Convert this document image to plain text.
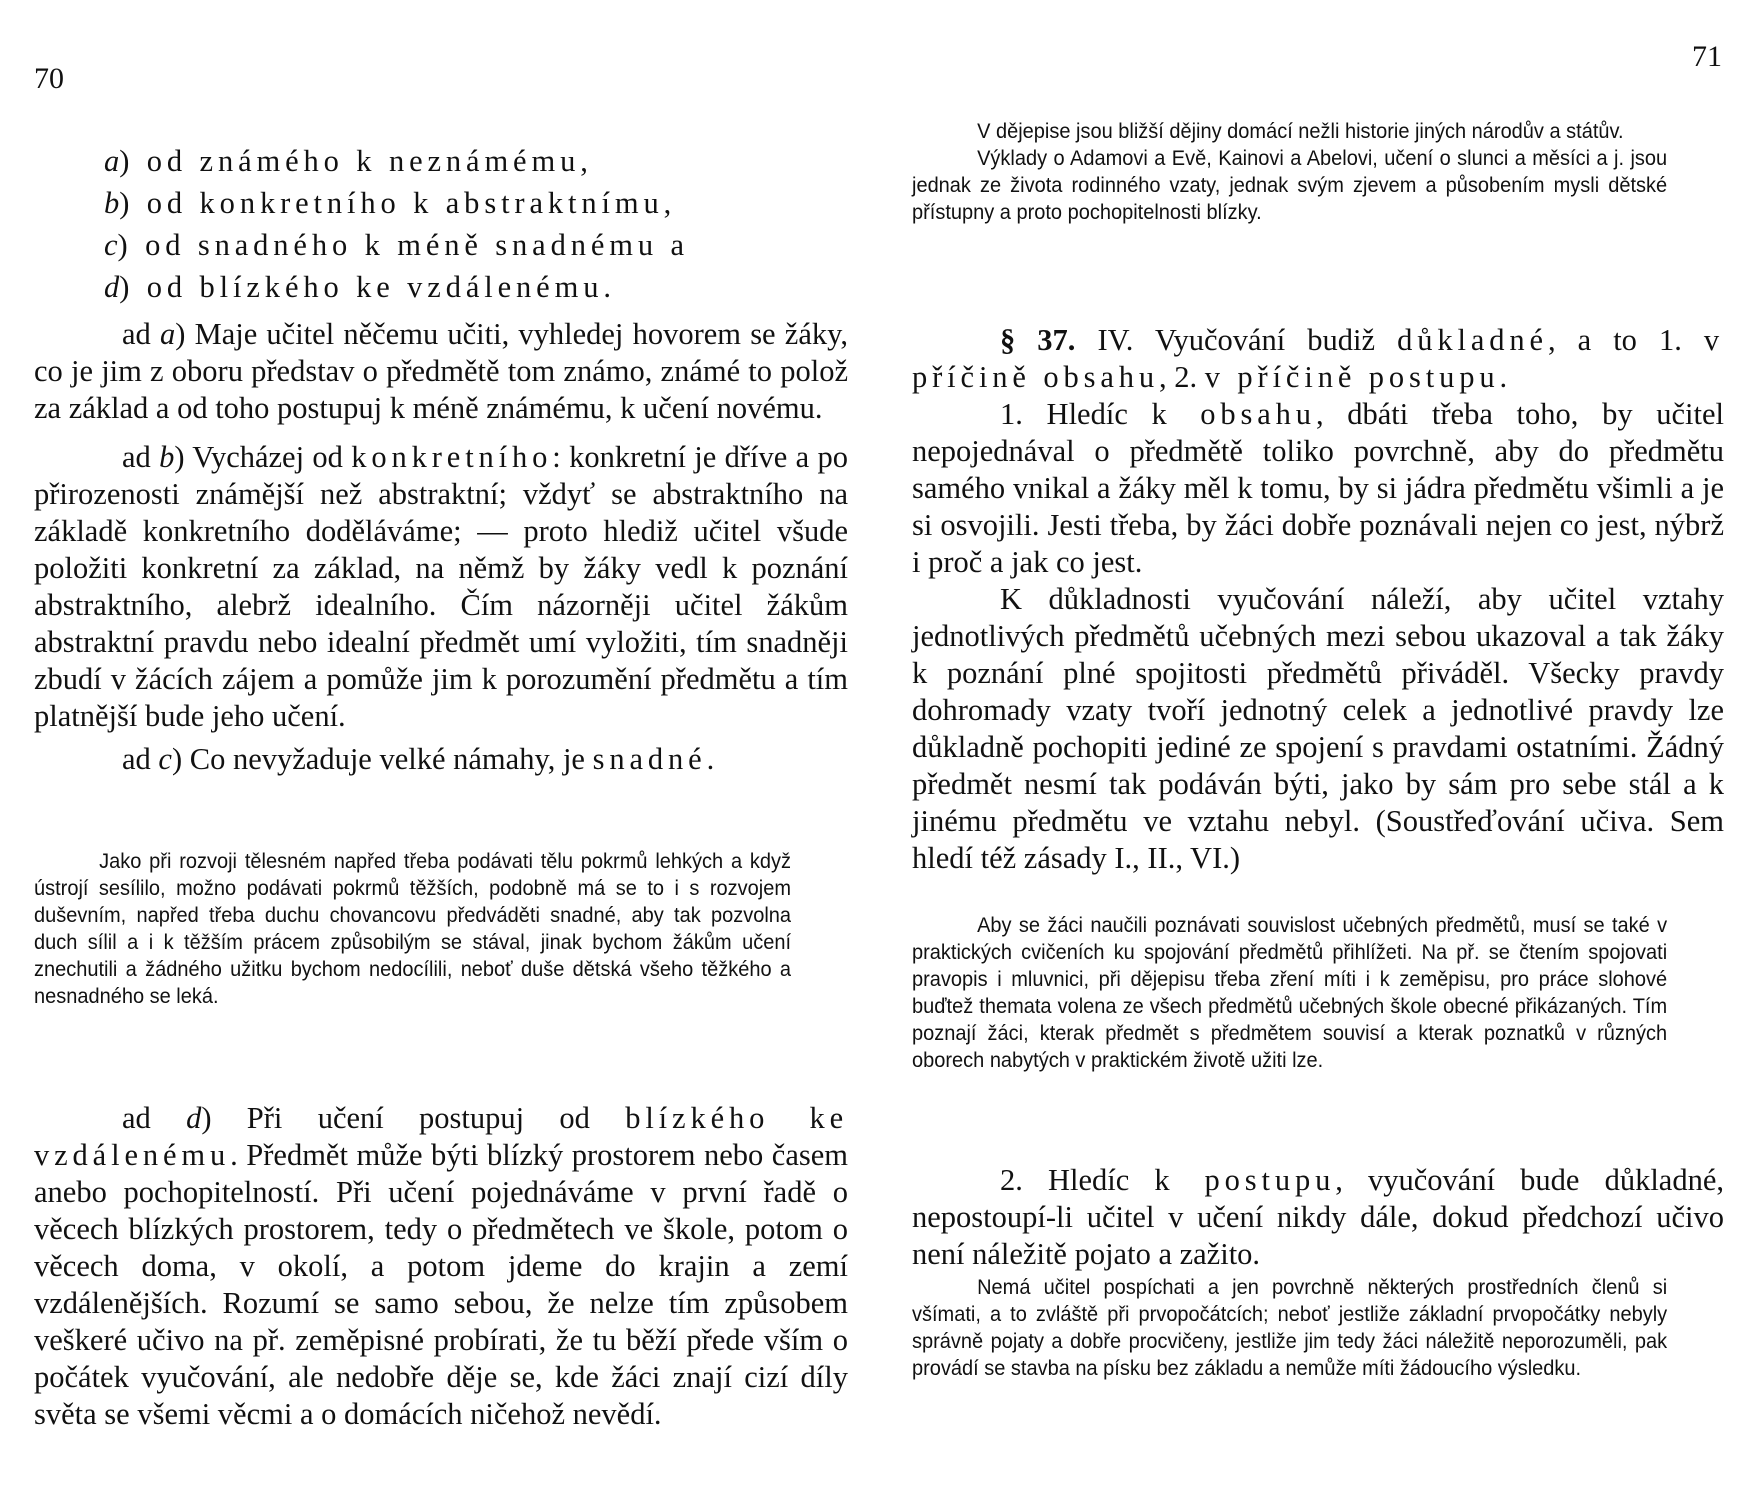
70
a) od známého k neznámému,
b) od konkretního k abstraktnímu,
c) od snadného k méně snadnému a
d) od blízkého ke vzdálenému.

ad a) Maje učitel něčemu učiti, vyhledej hovorem se žáky, co je jim z oboru představ o předmětě tom známo, známé to polož za základ a od toho postupuj k méně známému, k učení novému.

ad b) Vycházej od konkretního: konkretní je dříve a po přirozenosti známější než abstraktní; vždyť se abstraktního na základě konkretního doděláváme; — proto hlediž učitel všude položiti konkretní za základ, na němž by žáky vedl k poznání abstraktního, alebrž idealního. Čím názorněji učitel žákům abstraktní pravdu nebo idealní předmět umí vyložiti, tím snadněji zbudí v žácích zájem a pomůže jim k porozumění předmětu a tím platnější bude jeho učení.

ad c) Co nevyžaduje velké námahy, je snadné.

Jako při rozvoji tělesném napřed třeba podávati tělu pokrmů lehkých a když ústrojí sesílilo, možno podávati pokrmů těžších, podobně má se to i s rozvojem duševním, napřed třeba duchu chovancovu předváděti snadné, aby tak pozvolna duch sílil a i k těžším prácem způsobilým se stával, jinak bychom žákům učení znechutili a žádného užitku bychom nedocílili, neboť duše dětská všeho těžkého a nesnadného se leká.

ad d) Při učení postupuj od blízkého ke vzdálenému. Předmět může býti blízký prostorem nebo časem anebo pochopitelností. Při učení pojednáváme v první řadě o věcech blízkých prostorem, tedy o předmětech ve škole, potom o věcech doma, v okolí, a potom jdeme do krajin a zemí vzdálenějších. Rozumí se samo sebou, že nelze tím způsobem veškeré učivo na př. zeměpisné probírati, že tu běží přede vším o počátek vyučování, ale nedobře děje se, kde žáci znají cizí díly světa se všemi věcmi a o domácích ničehož nevědí.

71

V dějepise jsou bližší dějiny domácí nežli historie jiných národův a státův.

Výklady o Adamovi a Evě, Kainovi a Abelovi, učení o slunci a měsíci a j. jsou jednak ze života rodinného vzaty, jednak svým zjevem a působením mysli dětské přístupny a proto pochopitelnosti blízky.

§ 37. IV. Vyučování budiž důkladné, a to 1. v příčině obsahu, 2. v příčině postupu.

1. Hledíc k obsahu, dbáti třeba toho, by učitel nepojednával o předmětě toliko povrchně, aby do předmětu samého vnikal a žáky měl k tomu, by si jádra předmětu všimli a je si osvojili. Jesti třeba, by žáci dobře poznávali nejen co jest, nýbrž i proč a jak co jest.

K důkladnosti vyučování náleží, aby učitel vztahy jednotlivých předmětů učebných mezi sebou ukazoval a tak žáky k poznání plné spojitosti předmětů přiváděl. Všecky pravdy dohromady vzaty tvoří jednotný celek a jednotlivé pravdy lze důkladně pochopiti jediné ze spojení s pravdami ostatními. Žádný předmět nesmí tak podáván býti, jako by sám pro sebe stál a k jinému předmětu ve vztahu nebyl. (Soustřeďování učiva. Sem hledí též zásady I., II., VI.)

Aby se žáci naučili poznávati souvislost učebných předmětů, musí se také v praktických cvičeních ku spojování předmětů přihlížeti. Na př. se čtením spojovati pravopis i mluvnici, při dějepisu třeba zření míti i k zeměpisu, pro práce slohové buďtež themata volena ze všech předmětů učebných škole obecné přikázaných. Tím poznají žáci, kterak předmět s předmětem souvisí a kterak poznatků v různých oborech nabytých v praktickém životě užiti lze.

2. Hledíc k postupu, vyučování bude důkladné, nepostoupí-li učitel v učení nikdy dále, dokud předchozí učivo není náležitě pojato a zažito.

Nemá učitel pospíchati a jen povrchně některých prostředních členů si všímati, a to zvláště při prvopočátcích; neboť jestliže základní prvopočátky nebyly správně pojaty a dobře procvičeny, jestliže jim tedy žáci náležitě neporozuměli, pak provádí se stavba na písku bez základu a nemůže míti žádoucího výsledku.
